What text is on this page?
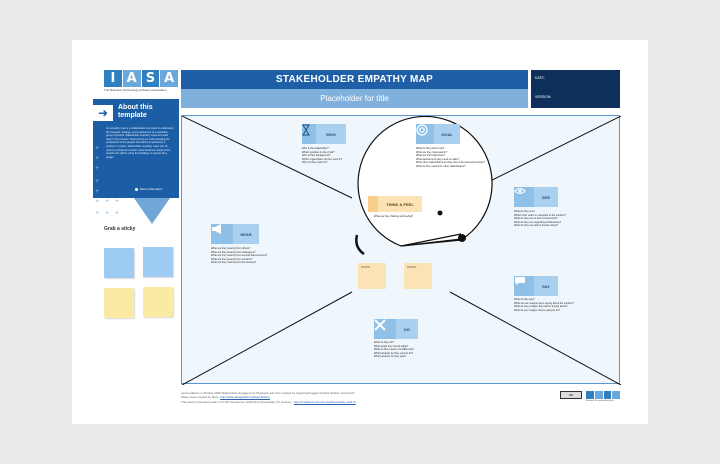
I A S A
The Business Technology Architect Association
➜	About this template
An empathy map is a collaborative tool used to understand the thoughts, feelings, and experiences of a particular group of people. Stakeholder empathy maps are used early in the process. Teams focus on understanding the perspective of the people who will be impacted by a product or project. Stakeholder empathy maps can be used by architects to better understand the needs of the people who will be using the buildings or spaces they design.
More information
+
+
+
+
+
+
+ + +
+ +
Grab a sticky
STAKEHOLDER EMPATHY MAP
Placeholder for title
DATE:
VERSION:
WHO
Who is the stakeholder?
What's position do they hold?
Who is their background?
Which organization do they work in?
Who do they report to?
GOAL
What do they want to do?
What are they interested in?
What are their objectives?
What decisions do they need to make?
What other stakeholders do they care to be interested in/care?
What do they need from other stakeholders?
SEE
What do they see?
What's their vision or viewpoint of the solution?
What do they see in their environment?
What do they see regarding architectures?
What do they see others are/are doing?
HEAR
What are they hearing from others?
What are they hearing from colleagues?
What are they hearing from second-hand sources?
What are they hearing from vendors?
What are they hearing from the industry?
SAY
What do they say?
What can we imagine them saying about the solution?
What do they imagine they will be saying about?
What do you imagine they're going to be?
DO
What do they do?
What would they not do today?
What do they need to do differently?
What behavior do they need to do?
What behavior do they want?
THINK & FEEL
What are they thinking and feeling?
PAINS	GAINS
Last updated on 26 May 2020 Stakeholder Engagement Playbook was first created by IngeborgKruggel at IASA Global. Good luck!
Share tools created by Iasa - http://www.iasaglobal.org/iasa-library/
This work is licensed under a CC BY-SA license, Attribution-ShareAlike 3.0 License - http://creativecommons.org/licenses/by-sa/3.0/
cc
Business Technology Architects
